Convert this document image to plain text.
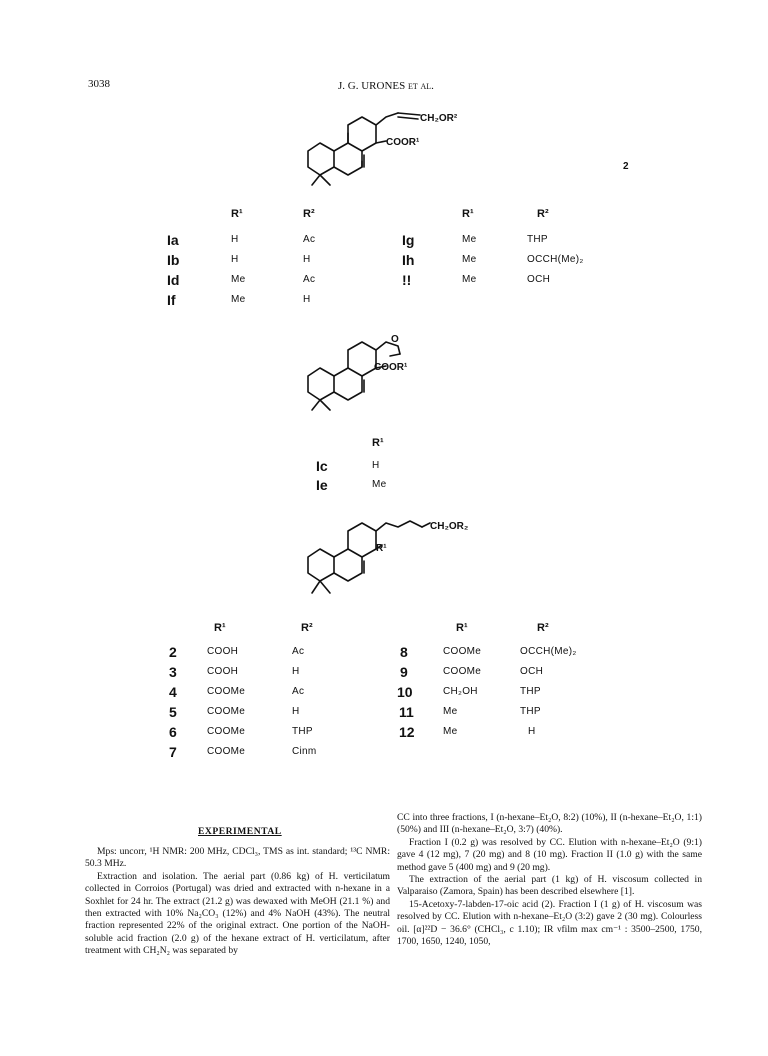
3038	J. G. URONES et al.
CH₂OR²
COOR¹
2
R¹	R²	R¹	R²
Ia	H	Ac
Ib	H	H
Id	Me	Ac
If	Me	H
Ig	Me	THP
Ih	Me	OCCH(Me)₂
!!	Me	OCH
O
COOR¹
R¹
Ic	H
Ie	Me
CH₂OR₂
R¹
R¹	R²	R¹	R²
2	COOH	Ac
3	COOH	H
4	COOMe	Ac
5	COOMe	H
6	COOMe	THP
7	COOMe	Cinm
8	COOMe	OCCH(Me)₂
9	COOMe	OCH
10	CH₂OH	THP
11	Me	THP
12	Me	H
EXPERIMENTAL

Mps: uncorr, ¹H NMR: 200 MHz, CDCl₃, TMS as int. standard; ¹³C NMR: 50.3 MHz.

Extraction and isolation. The aerial part (0.86 kg) of H. verticilatum collected in Corroios (Portugal) was dried and extracted with n-hexane in a Soxhlet for 24 hr. The extract (21.2 g) was dewaxed with MeOH (21.1 %) and then extracted with 10% Na₂CO₃ (12%) and 4% NaOH (43%). The neutral fraction represented 22% of the original extract. One portion of the NaOH-soluble acid fraction (2.0 g) of the hexane extract of H. verticilatum, after treatment with CH₂N₂ was separated by

CC into three fractions, I (n-hexane–Et₂O, 8:2) (10%), II (n-hexane–Et₂O, 1:1) (50%) and III (n-hexane–Et₂O, 3:7) (40%).

Fraction I (0.2 g) was resolved by CC. Elution with n-hexane–Et₂O (9:1) gave 4 (12 mg), 7 (20 mg) and 8 (10 mg). Fraction II (1.0 g) with the same method gave 5 (400 mg) and 9 (20 mg).

The extraction of the aerial part (1 kg) of H. viscosum collected in Valparaiso (Zamora, Spain) has been described elsewhere [1].

15-Acetoxy-7-labden-17-oic acid (2). Fraction I (1 g) of H. viscosum was resolved by CC. Elution with n-hexane–Et₂O (3:2) gave 2 (30 mg). Colourless oil. [α]²²D − 36.6° (CHCl₃, c 1.10); IR νfilm max cm⁻¹ : 3500–2500, 1750, 1700, 1650, 1240, 1050,
